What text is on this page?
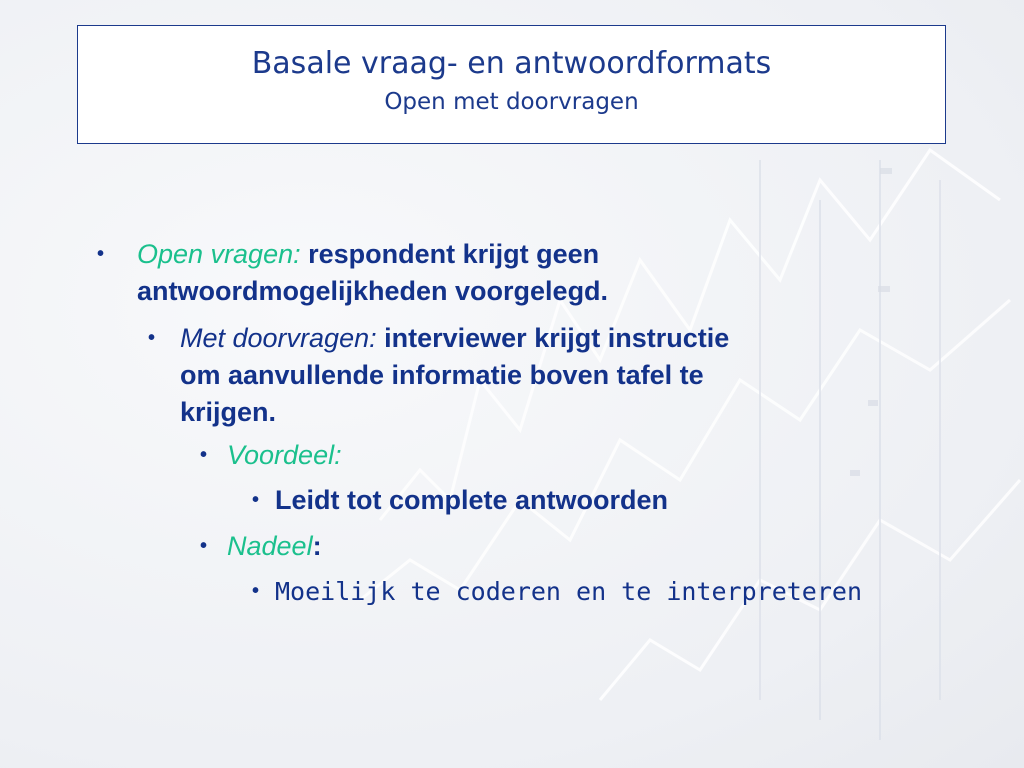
Basale vraag- en antwoordformats
Open met doorvragen
•	Open vragen: respondent krijgt geen
antwoordmogelijkheden voorgelegd.
• Met doorvragen: interviewer krijgt instructie
om aanvullende informatie boven tafel te
krijgen.
• Voordeel:
• Leidt tot complete antwoorden
• Nadeel:
• Moeilijk te coderen en te interpreteren
